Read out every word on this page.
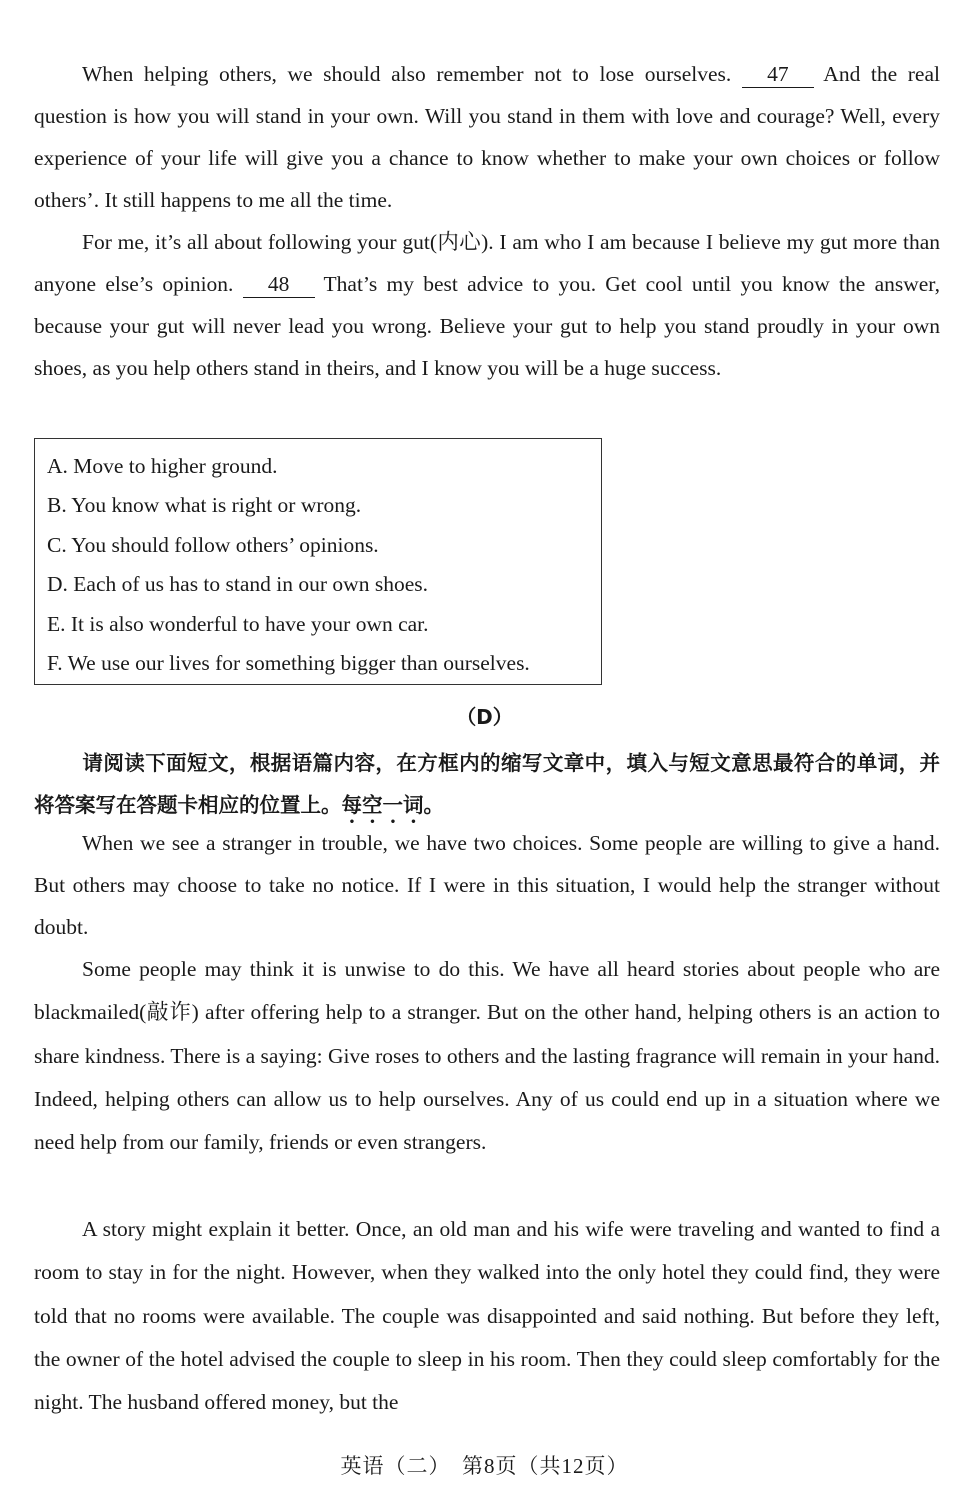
When helping others, we should also remember not to lose ourselves. 47 And the real question is how you will stand in your own. Will you stand in them with love and courage? Well, every experience of your life will give you a chance to know whether to make your own choices or follow others’. It still happens to me all the time.

For me, it’s all about following your gut(内心). I am who I am because I believe my gut more than anyone else’s opinion. 48 That’s my best advice to you. Get cool until you know the answer, because your gut will never lead you wrong. Believe your gut to help you stand proudly in your own shoes, as you help others stand in theirs, and I know you will be a huge success.

A. Move to higher ground.
B. You know what is right or wrong.
C. You should follow others’ opinions.
D. Each of us has to stand in our own shoes.
E. It is also wonderful to have your own car.
F. We use our lives for something bigger than ourselves.
（D）

请阅读下面短文，根据语篇内容，在方框内的缩写文章中，填入与短文意思最符合的单词，并将答案写在答题卡相应的位置上。每空一词。

When we see a stranger in trouble, we have two choices. Some people are willing to give a hand. But others may choose to take no notice. If I were in this situation, I would help the stranger without doubt.

Some people may think it is unwise to do this. We have all heard stories about people who are blackmailed(敲诈) after offering help to a stranger. But on the other hand, helping others is an action to share kindness. There is a saying: Give roses to others and the lasting fragrance will remain in your hand. Indeed, helping others can allow us to help ourselves. Any of us could end up in a situation where we need help from our family, friends or even strangers.

A story might explain it better. Once, an old man and his wife were traveling and wanted to find a room to stay in for the night. However, when they walked into the only hotel they could find, they were told that no rooms were available. The couple was disappointed and said nothing. But before they left, the owner of the hotel advised the couple to sleep in his room. Then they could sleep comfortably for the night. The husband offered money, but the

英语（二）　第8页（共12页）
